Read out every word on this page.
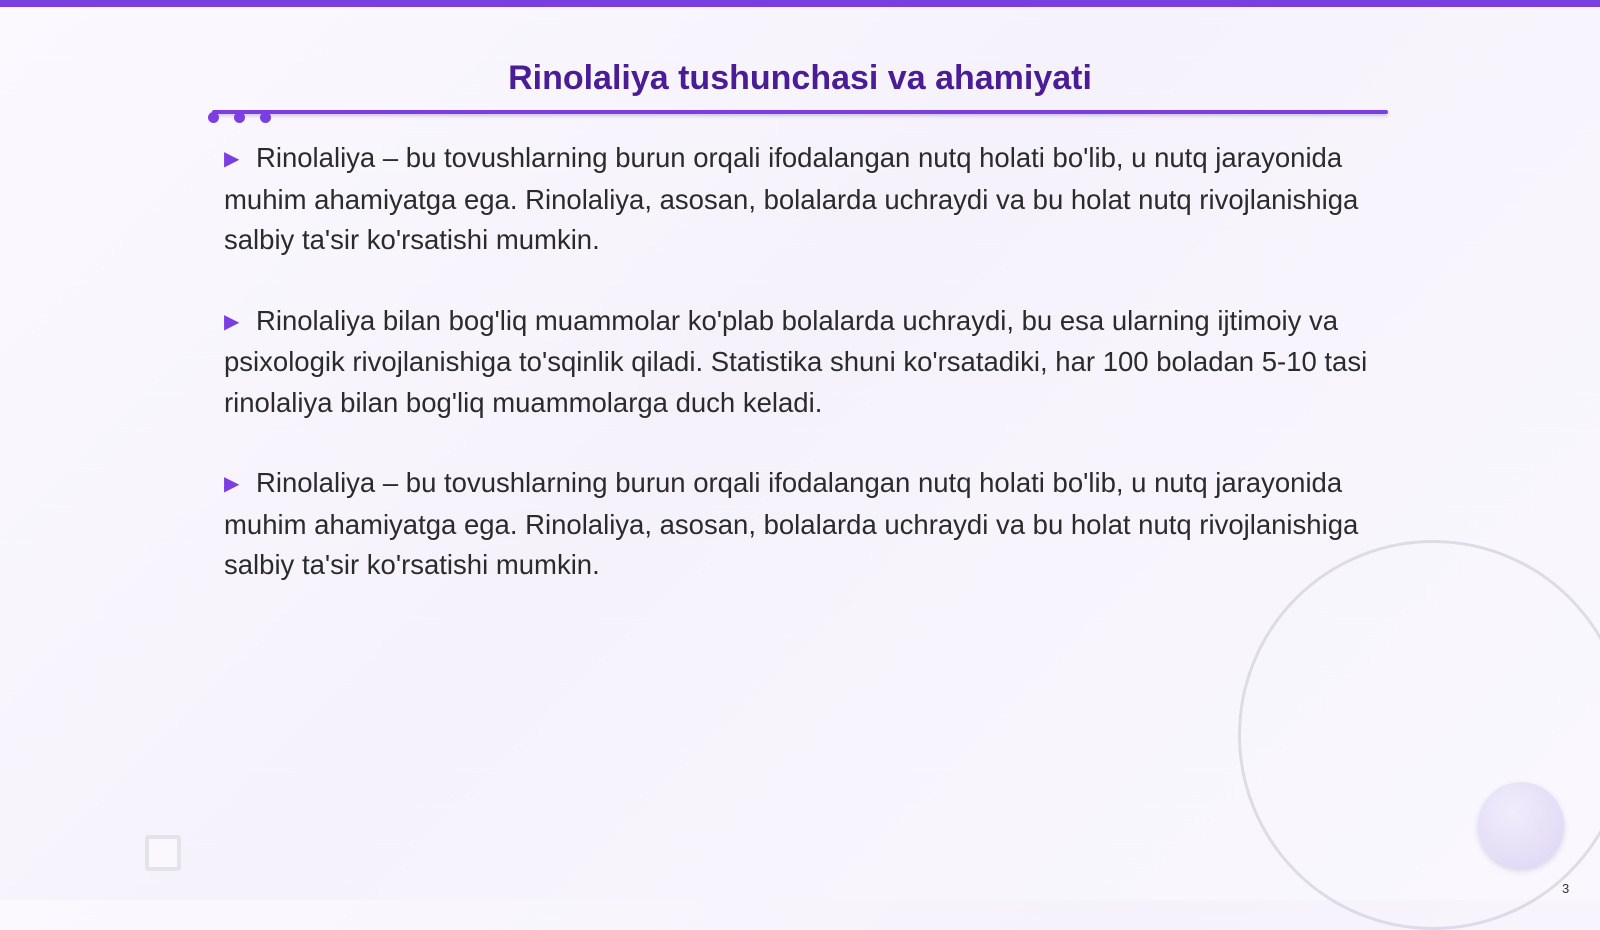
Rinolaliya tushunchasi va ahamiyati

▶ Rinolaliya – bu tovushlarning burun orqali ifodalangan nutq holati bo'lib, u nutq jarayonida muhim ahamiyatga ega. Rinolaliya, asosan, bolalarda uchraydi va bu holat nutq rivojlanishiga salbiy ta'sir ko'rsatishi mumkin.

▶ Rinolaliya bilan bog'liq muammolar ko'plab bolalarda uchraydi, bu esa ularning ijtimoiy va psixologik rivojlanishiga to'sqinlik qiladi. Statistika shuni ko'rsatadiki, har 100 boladan 5-10 tasi rinolaliya bilan bog'liq muammolarga duch keladi.

▶ Rinolaliya – bu tovushlarning burun orqali ifodalangan nutq holati bo'lib, u nutq jarayonida muhim ahamiyatga ega. Rinolaliya, asosan, bolalarda uchraydi va bu holat nutq rivojlanishiga salbiy ta'sir ko'rsatishi mumkin.

3
